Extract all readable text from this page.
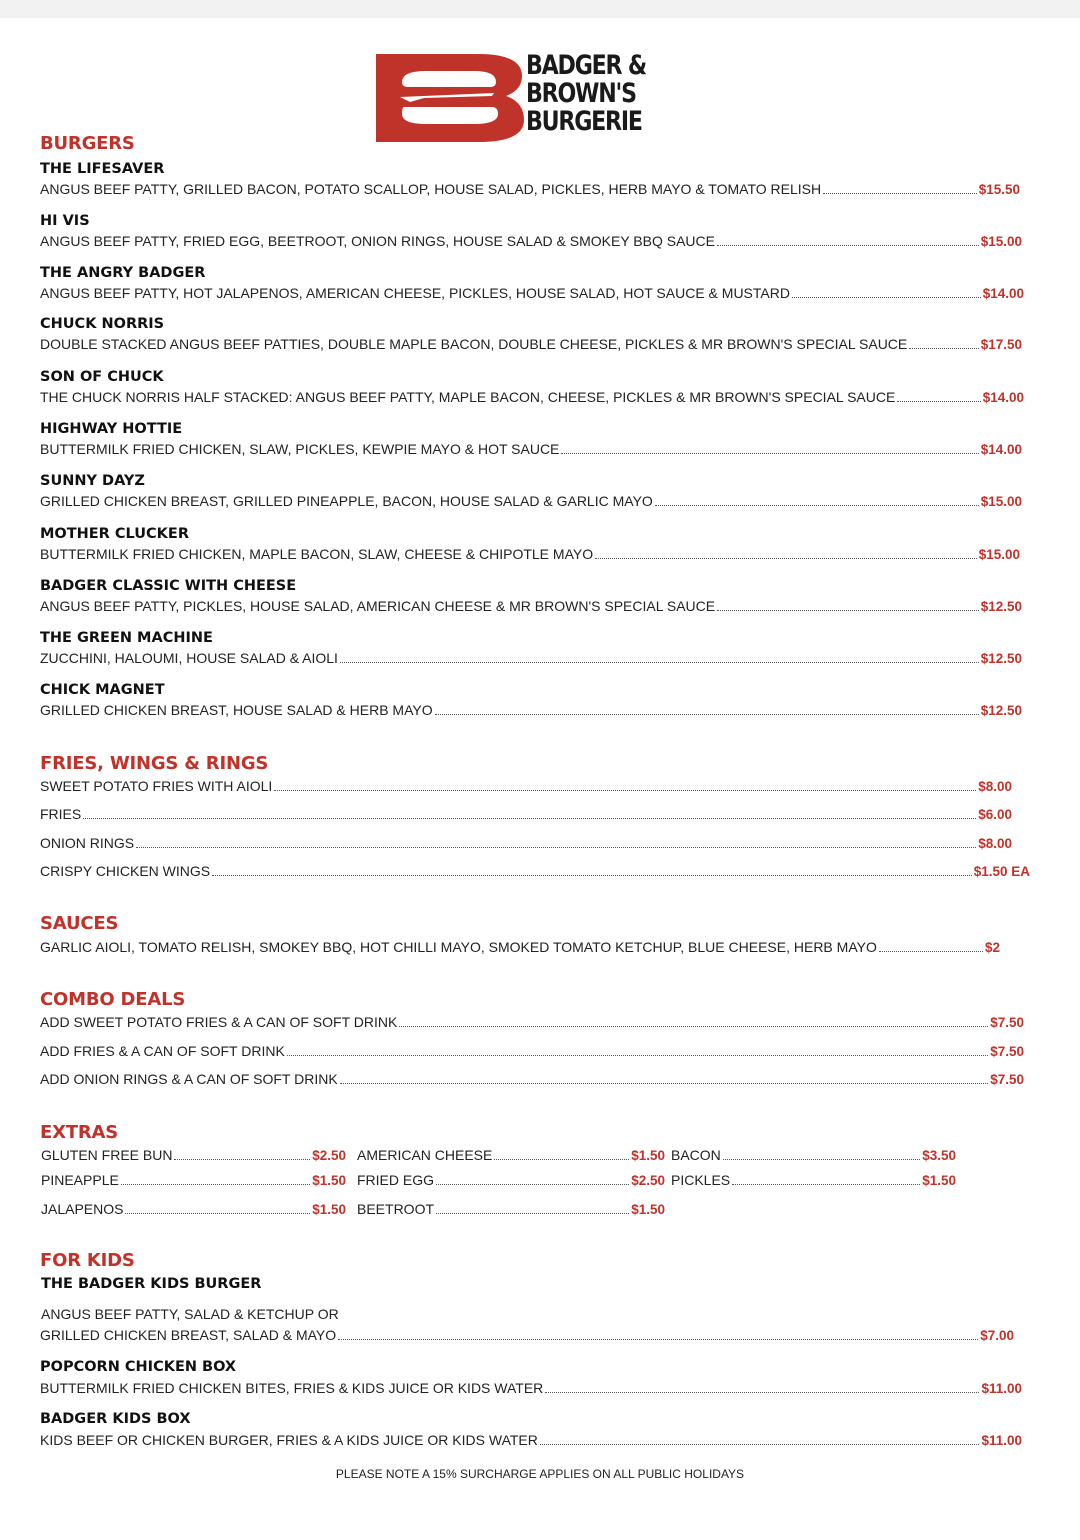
BADGER &
BROWN'S
BURGERIE
BURGERS
THE LIFESAVER
ANGUS BEEF PATTY, GRILLED BACON, POTATO SCALLOP, HOUSE SALAD, PICKLES, HERB MAYO & TOMATO RELISH	$15.50
HI VIS
ANGUS BEEF PATTY, FRIED EGG, BEETROOT, ONION RINGS, HOUSE SALAD & SMOKEY BBQ SAUCE	$15.00
THE ANGRY BADGER
ANGUS BEEF PATTY, HOT JALAPENOS, AMERICAN CHEESE, PICKLES, HOUSE SALAD, HOT SAUCE & MUSTARD	$14.00
CHUCK NORRIS
DOUBLE STACKED ANGUS BEEF PATTIES, DOUBLE MAPLE BACON, DOUBLE CHEESE, PICKLES & MR BROWN'S SPECIAL SAUCE	$17.50
SON OF CHUCK
THE CHUCK NORRIS HALF STACKED: ANGUS BEEF PATTY, MAPLE BACON, CHEESE, PICKLES & MR BROWN'S SPECIAL SAUCE	$14.00
HIGHWAY HOTTIE
BUTTERMILK FRIED CHICKEN, SLAW, PICKLES, KEWPIE MAYO & HOT SAUCE	$14.00
SUNNY DAYZ
GRILLED CHICKEN BREAST, GRILLED PINEAPPLE, BACON, HOUSE SALAD & GARLIC MAYO	$15.00
MOTHER CLUCKER
BUTTERMILK FRIED CHICKEN, MAPLE BACON, SLAW, CHEESE & CHIPOTLE MAYO	$15.00
BADGER CLASSIC WITH CHEESE
ANGUS BEEF PATTY, PICKLES, HOUSE SALAD, AMERICAN CHEESE & MR BROWN'S SPECIAL SAUCE	$12.50
THE GREEN MACHINE
ZUCCHINI, HALOUMI, HOUSE SALAD & AIOLI	$12.50
CHICK MAGNET
GRILLED CHICKEN BREAST, HOUSE SALAD & HERB MAYO	$12.50
FRIES, WINGS & RINGS
SWEET POTATO FRIES WITH AIOLI	$8.00
FRIES	$6.00
ONION RINGS	$8.00
CRISPY CHICKEN WINGS	$1.50 EA
SAUCES
GARLIC AIOLI, TOMATO RELISH, SMOKEY BBQ, HOT CHILLI MAYO, SMOKED TOMATO KETCHUP, BLUE CHEESE, HERB MAYO	$2
COMBO DEALS
ADD SWEET POTATO FRIES & A CAN OF SOFT DRINK	$7.50
ADD FRIES & A CAN OF SOFT DRINK	$7.50
ADD ONION RINGS & A CAN OF SOFT DRINK	$7.50
EXTRAS
GLUTEN FREE BUN	$2.50 AMERICAN CHEESE	$1.50 BACON	$3.50
PINEAPPLE	$1.50 FRIED EGG	$2.50 PICKLES	$1.50
JALAPENOS	$1.50 BEETROOT	$1.50
FOR KIDS
THE BADGER KIDS BURGER
ANGUS BEEF PATTY, SALAD & KETCHUP OR
GRILLED CHICKEN BREAST, SALAD & MAYO	$7.00
POPCORN CHICKEN BOX
BUTTERMILK FRIED CHICKEN BITES, FRIES & KIDS JUICE OR KIDS WATER	$11.00
BADGER KIDS BOX
KIDS BEEF OR CHICKEN BURGER, FRIES & A KIDS JUICE OR KIDS WATER	$11.00
PLEASE NOTE A 15% SURCHARGE APPLIES ON ALL PUBLIC HOLIDAYS
